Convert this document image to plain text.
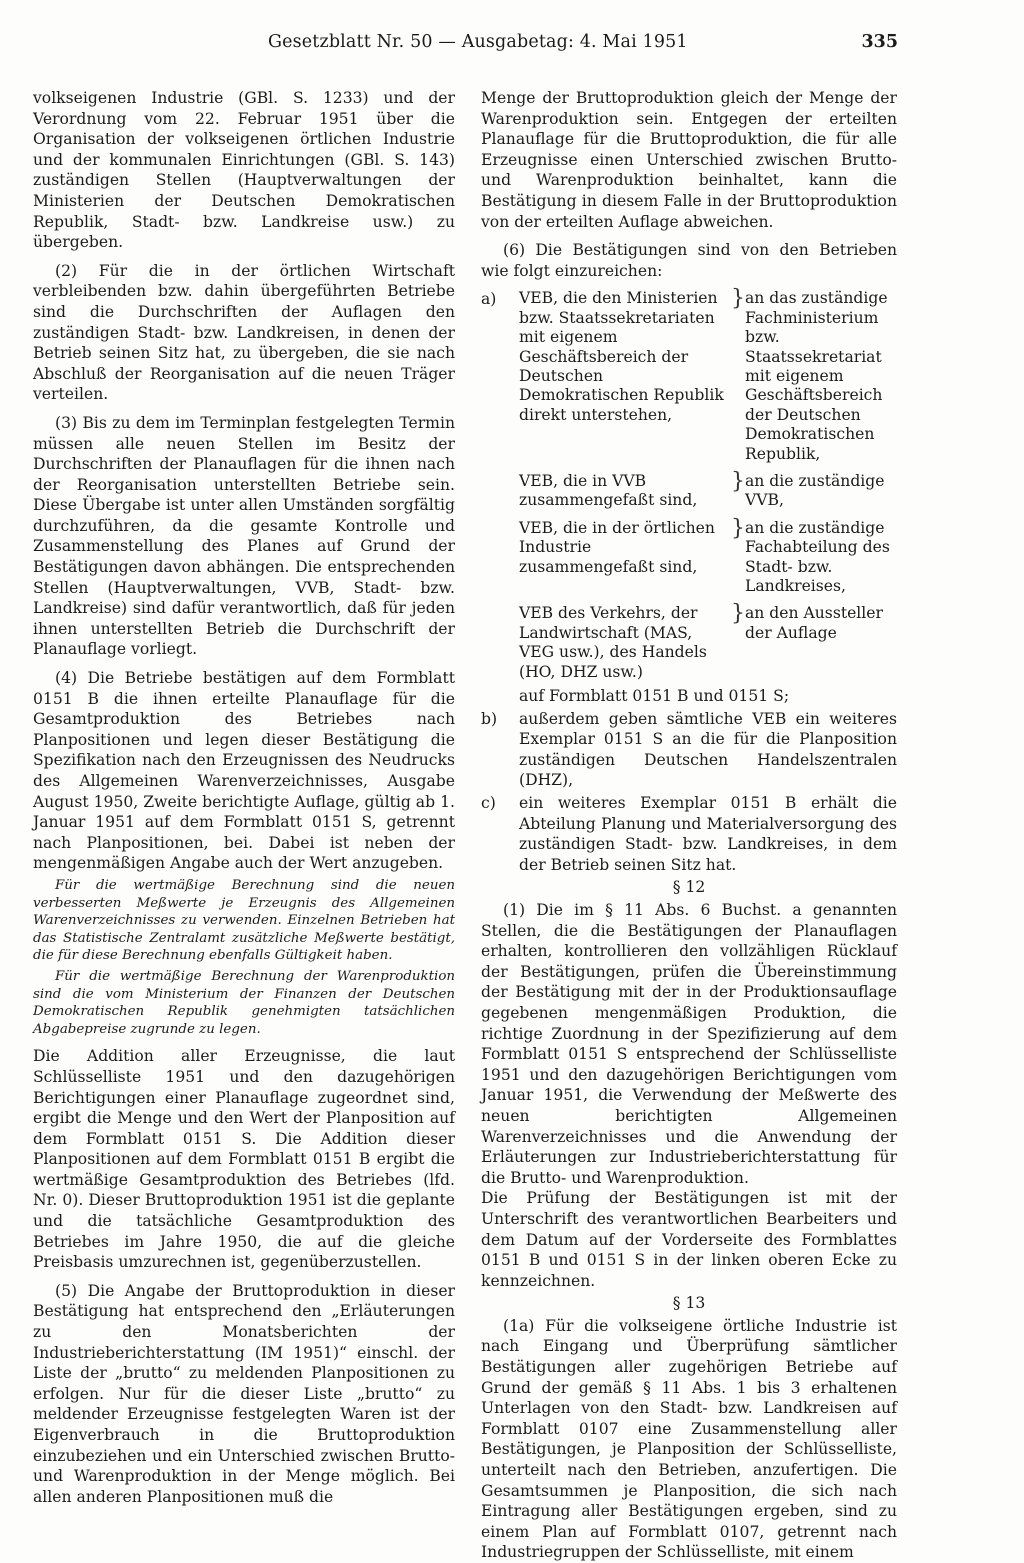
Gesetzblatt Nr. 50 — Ausgabetag: 4. Mai 1951	335

volkseigenen Industrie (GBl. S. 1233) und der Verordnung vom 22. Februar 1951 über die Organisation der volkseigenen örtlichen Industrie und der kommunalen Einrichtungen (GBl. S. 143) zuständigen Stellen (Hauptverwaltungen der Ministerien der Deutschen Demokratischen Republik, Stadt- bzw. Landkreise usw.) zu übergeben.

(2) Für die in der örtlichen Wirtschaft verbleibenden bzw. dahin übergeführten Betriebe sind die Durchschriften der Auflagen den zuständigen Stadt- bzw. Landkreisen, in denen der Betrieb seinen Sitz hat, zu übergeben, die sie nach Abschluß der Reorganisation auf die neuen Träger verteilen.

(3) Bis zu dem im Terminplan festgelegten Termin müssen alle neuen Stellen im Besitz der Durchschriften der Planauflagen für die ihnen nach der Reorganisation unterstellten Betriebe sein. Diese Übergabe ist unter allen Umständen sorgfältig durchzuführen, da die gesamte Kontrolle und Zusammenstellung des Planes auf Grund der Bestätigungen davon abhängen. Die entsprechenden Stellen (Hauptverwaltungen, VVB, Stadt- bzw. Landkreise) sind dafür verantwortlich, daß für jeden ihnen unterstellten Betrieb die Durchschrift der Planauflage vorliegt.

(4) Die Betriebe bestätigen auf dem Formblatt 0151 B die ihnen erteilte Planauflage für die Gesamtproduktion des Betriebes nach Planpositionen und legen dieser Bestätigung die Spezifikation nach den Erzeugnissen des Neudrucks des Allgemeinen Warenverzeichnisses, Ausgabe August 1950, Zweite berichtigte Auflage, gültig ab 1. Januar 1951 auf dem Formblatt 0151 S, getrennt nach Planpositionen, bei. Dabei ist neben der mengenmäßigen Angabe auch der Wert anzugeben.

Für die wertmäßige Berechnung sind die neuen verbesserten Meßwerte je Erzeugnis des Allgemeinen Warenverzeichnisses zu verwenden. Einzelnen Betrieben hat das Statistische Zentralamt zusätzliche Meßwerte bestätigt, die für diese Berechnung ebenfalls Gültigkeit haben.

Für die wertmäßige Berechnung der Warenproduktion sind die vom Ministerium der Finanzen der Deutschen Demokratischen Republik genehmigten tatsächlichen Abgabepreise zugrunde zu legen.

Die Addition aller Erzeugnisse, die laut Schlüsselliste 1951 und den dazugehörigen Berichtigungen einer Planauflage zugeordnet sind, ergibt die Menge und den Wert der Planposition auf dem Formblatt 0151 S. Die Addition dieser Planpositionen auf dem Formblatt 0151 B ergibt die wertmäßige Gesamtproduktion des Betriebes (lfd. Nr. 0). Dieser Bruttoproduktion 1951 ist die geplante und die tatsächliche Gesamtproduktion des Betriebes im Jahre 1950, die auf die gleiche Preisbasis umzurechnen ist, gegenüberzustellen.

(5) Die Angabe der Bruttoproduktion in dieser Bestätigung hat entsprechend den „Erläuterungen zu den Monatsberichten der Industrieberichterstattung (IM 1951)“ einschl. der Liste der „brutto“ zu meldenden Planpositionen zu erfolgen. Nur für die dieser Liste „brutto“ zu meldender Erzeugnisse festgelegten Waren ist der Eigenverbrauch in die Bruttoproduktion einzubeziehen und ein Unterschied zwischen Brutto- und Warenproduktion in der Menge möglich. Bei allen anderen Planpositionen muß die

Menge der Bruttoproduktion gleich der Menge der Warenproduktion sein. Entgegen der erteilten Planauflage für die Bruttoproduktion, die für alle Erzeugnisse einen Unterschied zwischen Brutto- und Warenproduktion beinhaltet, kann die Bestätigung in diesem Falle in der Bruttoproduktion von der erteilten Auflage abweichen.

(6) Die Bestätigungen sind von den Betrieben wie folgt einzureichen:

a)	VEB, die den Ministerien bzw. Staatssekretariaten mit eigenem Geschäftsbereich der Deutschen Demokratischen Republik direkt unterstehen,
} an das zuständige Fachministerium bzw. Staatssekretariat mit eigenem Geschäftsbereich der Deutschen Demokratischen Republik,
VEB, die in VVB zusammengefaßt sind,
} an die zuständige VVB,
VEB, die in der örtlichen Industrie zusammengefaßt sind,
} an die zuständige Fachabteilung des Stadt- bzw. Landkreises,
VEB des Verkehrs, der Landwirtschaft (MAS, VEG usw.), des Handels (HO, DHZ usw.)
} an den Aussteller der Auflage

auf Formblatt 0151 B und 0151 S;

b)	außerdem geben sämtliche VEB ein weiteres Exemplar 0151 S an die für die Planposition zuständigen Deutschen Handelszentralen (DHZ),
c)	ein weiteres Exemplar 0151 B erhält die Abteilung Planung und Materialversorgung des zuständigen Stadt- bzw. Landkreises, in dem der Betrieb seinen Sitz hat.

§ 12

(1) Die im § 11 Abs. 6 Buchst. a genannten Stellen, die die Bestätigungen der Planauflagen erhalten, kontrollieren den vollzähligen Rücklauf der Bestätigungen, prüfen die Übereinstimmung der Bestätigung mit der in der Produktionsauflage gegebenen mengenmäßigen Produktion, die richtige Zuordnung in der Spezifizierung auf dem Formblatt 0151 S entsprechend der Schlüsselliste 1951 und den dazugehörigen Berichtigungen vom Januar 1951, die Verwendung der Meßwerte des neuen berichtigten Allgemeinen Warenverzeichnisses und die Anwendung der Erläuterungen zur Industrieberichterstattung für die Brutto- und Warenproduktion.

Die Prüfung der Bestätigungen ist mit der Unterschrift des verantwortlichen Bearbeiters und dem Datum auf der Vorderseite des Formblattes 0151 B und 0151 S in der linken oberen Ecke zu kennzeichnen.

§ 13

(1a) Für die volkseigene örtliche Industrie ist nach Eingang und Überprüfung sämtlicher Bestätigungen aller zugehörigen Betriebe auf Grund der gemäß § 11 Abs. 1 bis 3 erhaltenen Unterlagen von den Stadt- bzw. Landkreisen auf Formblatt 0107 eine Zusammenstellung aller Bestätigungen, je Planposition der Schlüsselliste, unterteilt nach den Betrieben, anzufertigen. Die Gesamtsummen je Planposition, die sich nach Eintragung aller Bestätigungen ergeben, sind zu einem Plan auf Formblatt 0107, getrennt nach Industriegruppen der Schlüsselliste, mit einem
